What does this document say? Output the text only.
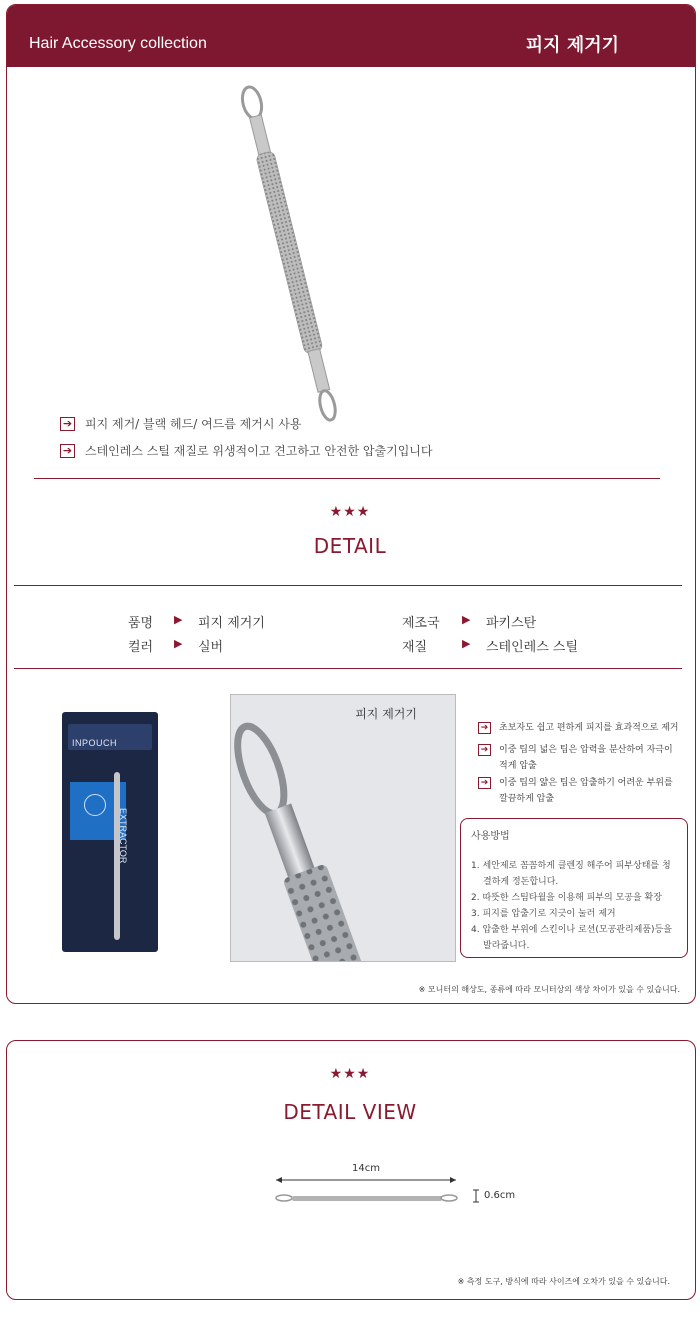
Hair Accessory collection	피지 제거기
➔ 피지 제거/ 블랙 헤드/ 여드름 제거시 사용
➔ 스테인레스 스틸 재질로 위생적이고 견고하고 안전한 압출기입니다
★★★
DETAIL
품명 ▶ 피지 제거기	제조국 ▶ 파키스탄
컬러 ▶ 실버	재질	▶ 스테인레스 스틸
INPOUCH
EXTRACTOR
피지 제거기
➔	초보자도 쉽고 편하게 피지를 효과적으로 제거
➔	이중 팁의 넓은 팁은 압력을 분산하여 자극이
적게 압출
➔	이중 팁의 얇은 팁은 압출하기 어려운 부위를
깔끔하게 압출
사용방법
1. 세안제로 꼼꼼하게 클렌징 해주어 피부상태를 청결하게 정돈합니다.
2. 따뜻한 스팀타월을 이용해 피부의 모공을 확장
3. 피지를 압출기로 지긋이 눌러 제거
4. 압출한 부위에 스킨이나 로션(모공관리제품)등을 발라줍니다.
※ 모니터의 해상도, 종류에 따라 모니터상의 색상 차이가 있을 수 있습니다.
★★★
DETAIL VIEW
14cm
0.6cm
※ 측정 도구, 방식에 따라 사이즈에 오차가 있을 수 있습니다.
